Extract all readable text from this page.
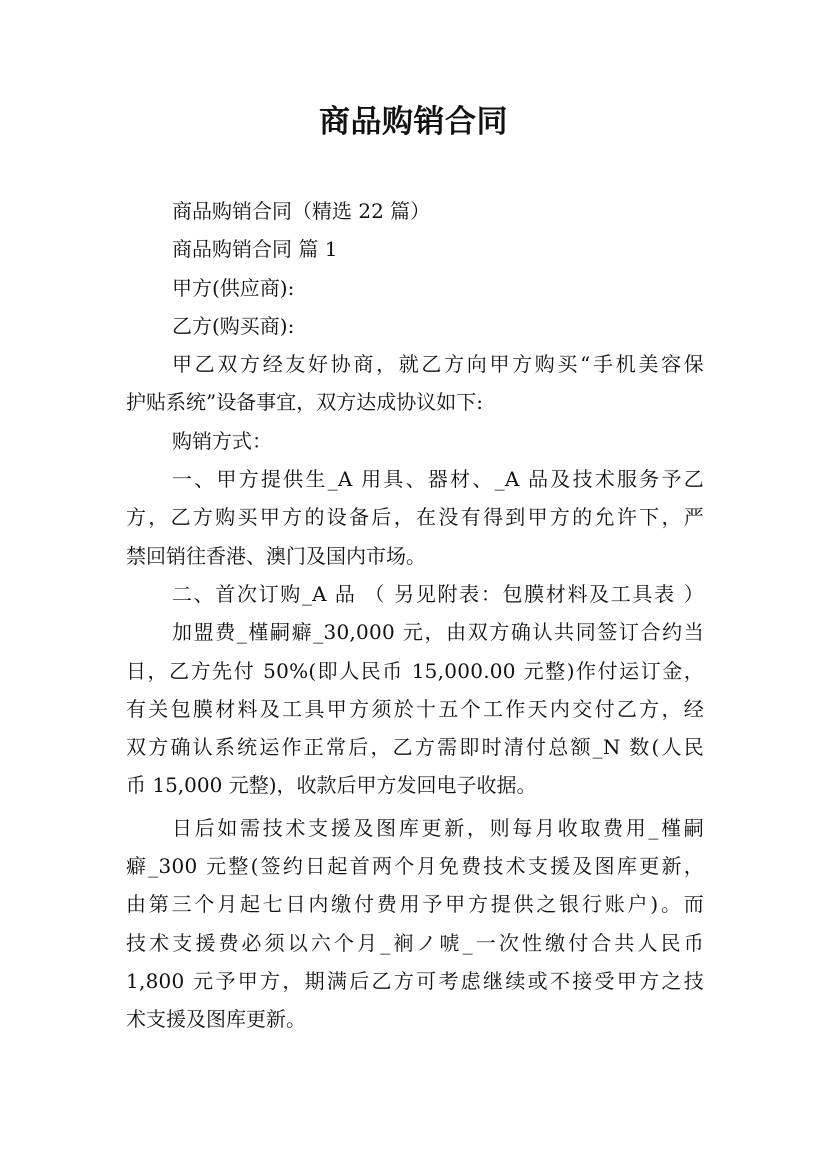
商品购销合同
商品购销合同（精选 22 篇）
商品购销合同 篇 1
甲方(供应商):
乙方(购买商):
甲乙双方经友好协商，就乙方向甲方购买“手机美容保
护贴系统”设备事宜，双方达成协议如下:
购销方式：
一、甲方提供生_A 用具、器材、_A 品及技术服务予乙
方，乙方购买甲方的设备后，在没有得到甲方的允许下，严
禁回销往香港、澳门及国内市场。
二、首次订购_A 品 （ 另见附表：包膜材料及工具表 ）
加盟费_槿嗣癖_30,000 元，由双方确认共同签订合约当
日，乙方先付 50%(即人民币 15,000.00 元整)作付运订金，
有关包膜材料及工具甲方须於十五个工作天内交付乙方，经
双方确认系统运作正常后，乙方需即时清付总额_N 数(人民
币 15,000 元整)，收款后甲方发回电子收据。
日后如需技术支援及图库更新，则每月收取费用_槿嗣
癖_300 元整(签约日起首两个月免费技术支援及图库更新，
由第三个月起七日内缴付费用予甲方提供之银行账户)。而
技术支援费必须以六个月_裥ノ唬_一次性缴付合共人民币
1,800 元予甲方，期满后乙方可考虑继续或不接受甲方之技
术支援及图库更新。
